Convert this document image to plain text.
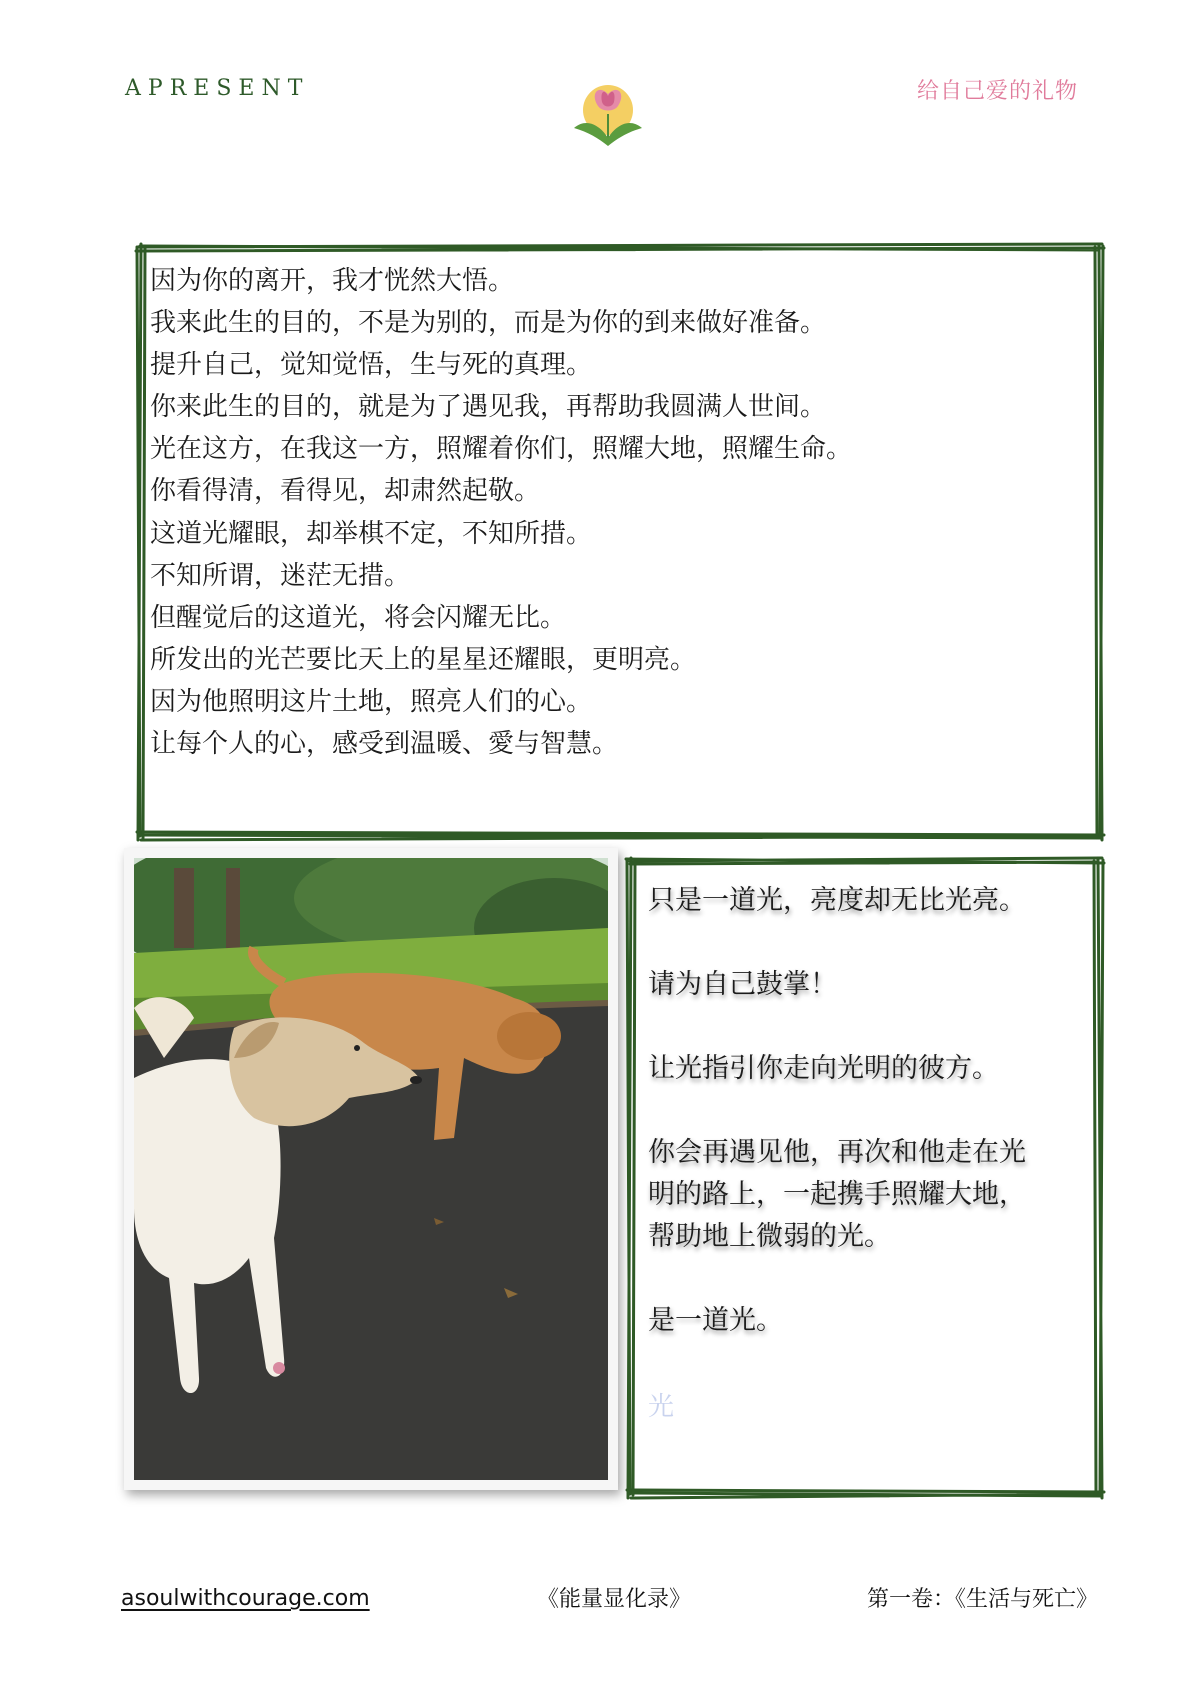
APRESENT	给自己爱的礼物
因为你的离开，我才恍然大悟。
我来此生的目的，不是为别的，而是为你的到来做好准备。
提升自己，觉知觉悟，生与死的真理。
你来此生的目的，就是为了遇见我，再帮助我圆满人世间。
光在这方，在我这一方，照耀着你们，照耀大地，照耀生命。
你看得清，看得见，却肃然起敬。
这道光耀眼，却举棋不定，不知所措。
不知所谓，迷茫无措。
但醒觉后的这道光，将会闪耀无比。
所发出的光芒要比天上的星星还耀眼，更明亮。
因为他照明这片土地，照亮人们的心。
让每个人的心，感受到温暖、愛与智慧。

只是一道光，亮度却无比光亮。

请为自己鼓掌！

让光指引你走向光明的彼方。

你会再遇见他，再次和他走在光

明的路上，一起携手照耀大地，

帮助地上微弱的光。

是一道光。

光

asoulwithcourage.com	《能量显化录》	第一卷：《生活与死亡》
